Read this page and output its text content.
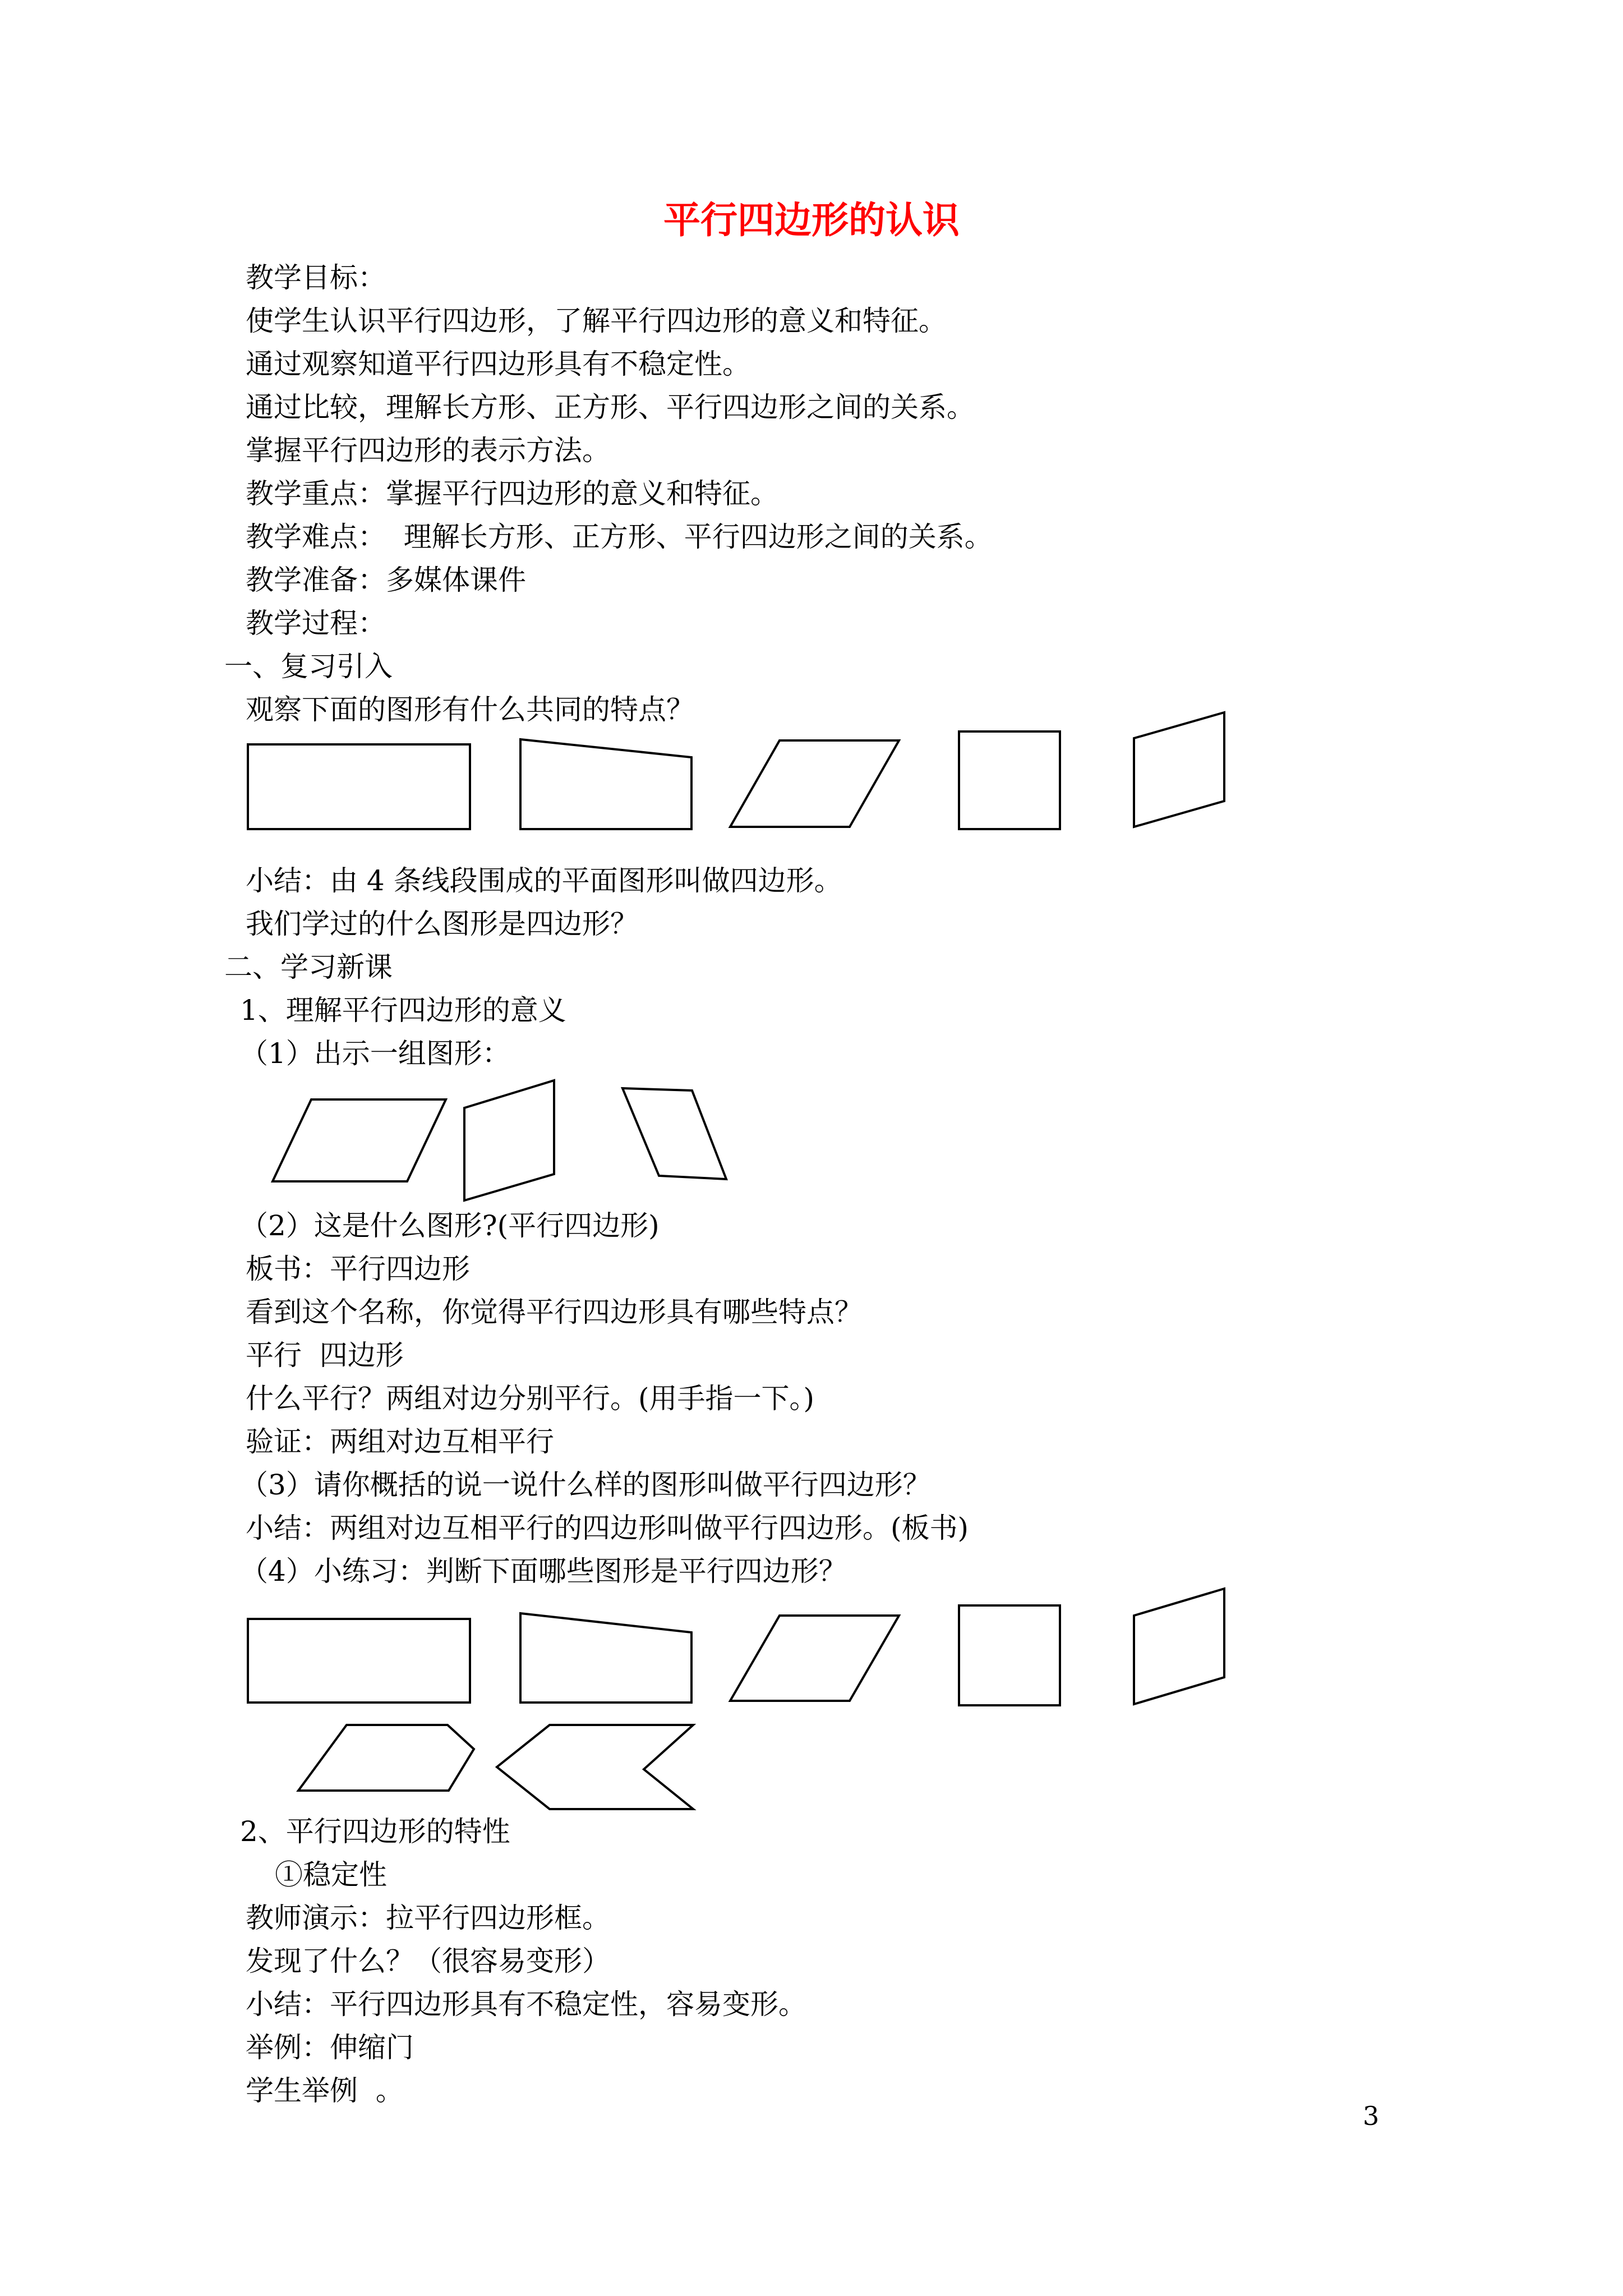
平行四边形的认识
教学目标：
使学生认识平行四边形，了解平行四边形的意义和特征。
通过观察知道平行四边形具有不稳定性。
通过比较，理解长方形、正方形、平行四边形之间的关系。
掌握平行四边形的表示方法。
教学重点：掌握平行四边形的意义和特征。
教学难点：  理解长方形、正方形、平行四边形之间的关系。
教学准备：多媒体课件
教学过程：
一、复习引入
观察下面的图形有什么共同的特点？
小结：由 4 条线段围成的平面图形叫做四边形。
我们学过的什么图形是四边形？
二、学习新课
1、理解平行四边形的意义
（1）出示一组图形：
（2）这是什么图形?(平行四边形)
板书：平行四边形
看到这个名称，你觉得平行四边形具有哪些特点？
平行  四边形
什么平行？两组对边分别平行。(用手指一下。)
验证：两组对边互相平行
（3）请你概括的说一说什么样的图形叫做平行四边形？
小结：两组对边互相平行的四边形叫做平行四边形。(板书)
（4）小练习：判断下面哪些图形是平行四边形？
2、平行四边形的特性
①稳定性
教师演示：拉平行四边形框。
发现了什么？（很容易变形）
小结：平行四边形具有不稳定性，容易变形。
举例：伸缩门
学生举例  。
3
